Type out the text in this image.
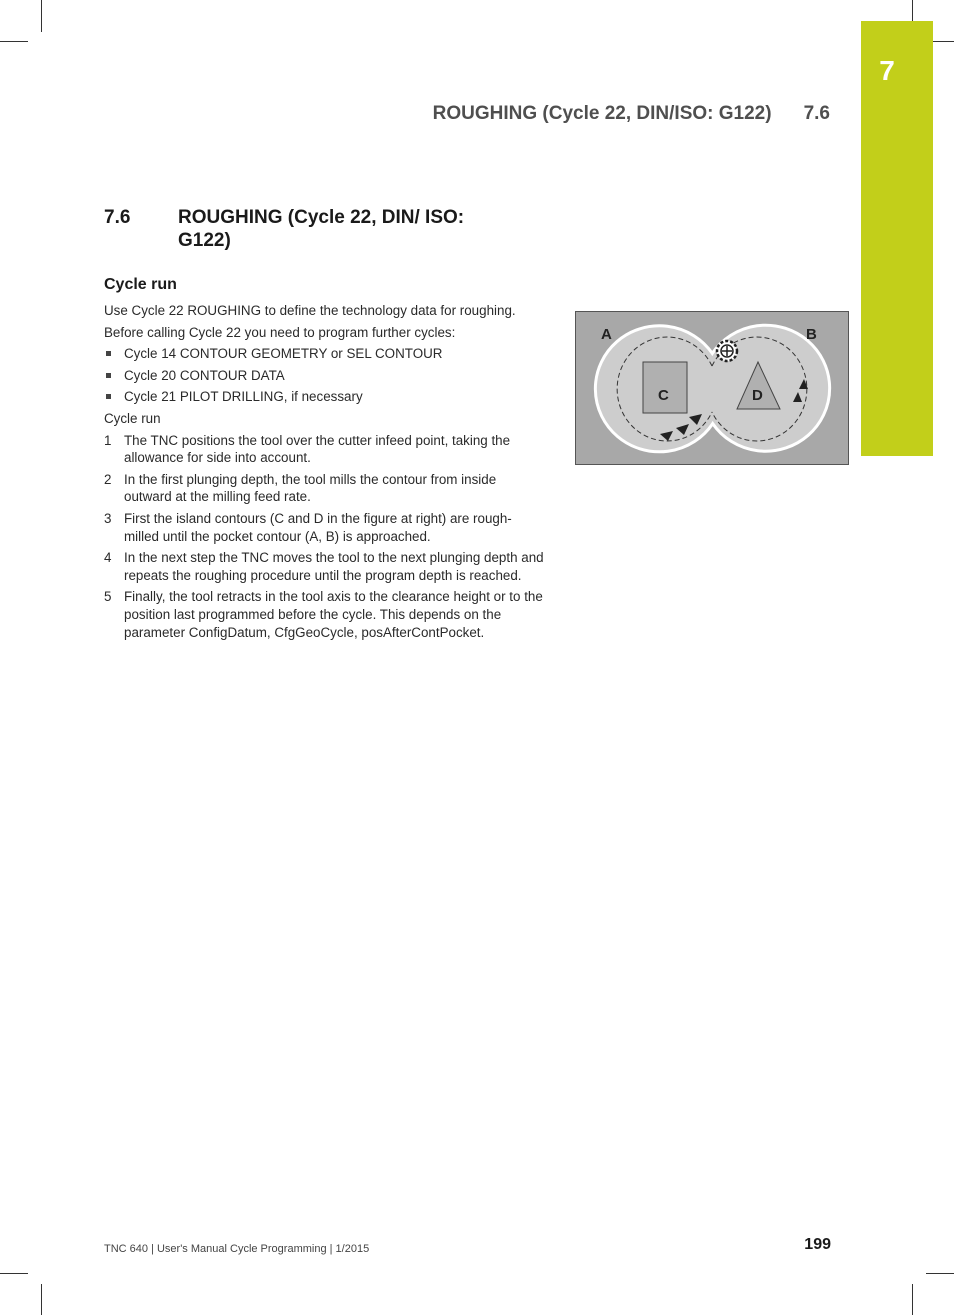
7
ROUGHING (Cycle 22, DIN/ISO: G122) 7.6
7.6	ROUGHING (Cycle 22, DIN/ ISO: G122)
Cycle run

Use Cycle 22 ROUGHING to define the technology data for roughing.

Before calling Cycle 22 you need to program further cycles:

Cycle 14 CONTOUR GEOMETRY or SEL CONTOUR
Cycle 20 CONTOUR DATA
Cycle 21 PILOT DRILLING, if necessary

Cycle run

1 The TNC positions the tool over the cutter infeed point, taking the allowance for side into account.
2 In the first plunging depth, the tool mills the contour from inside outward at the milling feed rate.
3 First the island contours (C and D in the figure at right) are rough-milled until the pocket contour (A, B) is approached.
4 In the next step the TNC moves the tool to the next plunging depth and repeats the roughing procedure until the program depth is reached.
5 Finally, the tool retracts in the tool axis to the clearance height or to the position last programmed before the cycle. This depends on the parameter ConfigDatum, CfgGeoCycle, posAfterContPocket.
A	B
C	D
TNC 640 | User's Manual Cycle Programming | 1/2015	199
